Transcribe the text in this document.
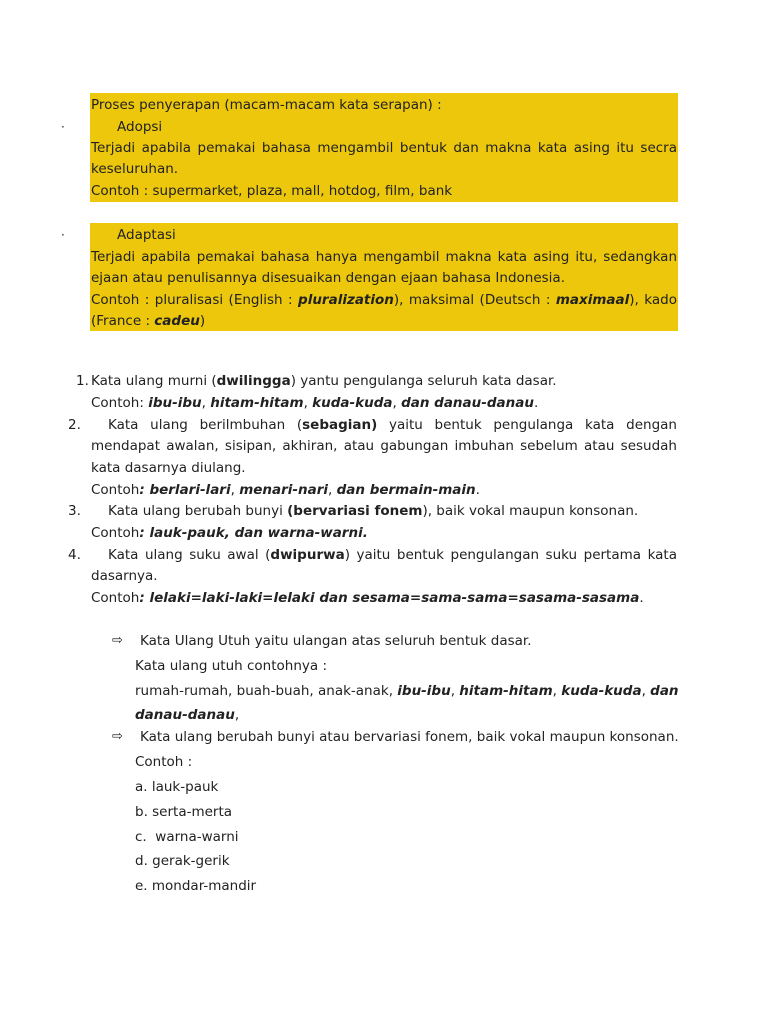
Proses penyerapan (macam-macam kata serapan) :
·	Adopsi
Terjadi apabila pemakai bahasa mengambil bentuk dan makna kata asing itu secra
keseluruhan.
Contoh : supermarket, plaza, mall, hotdog, film, bank
·	Adaptasi
Terjadi apabila pemakai bahasa hanya mengambil makna kata asing itu, sedangkan
ejaan atau penulisannya disesuaikan dengan ejaan bahasa Indonesia.
Contoh : pluralisasi (English : pluralization), maksimal (Deutsch : maximaal), kado
(France : cadeu)
1. Kata ulang murni (dwilingga) yantu pengulanga seluruh kata dasar.
Contoh: ibu-ibu, hitam-hitam, kuda-kuda, dan danau-danau.
2. Kata ulang berilmbuhan (sebagian) yaitu bentuk pengulanga kata dengan
mendapat awalan, sisipan, akhiran, atau gabungan imbuhan sebelum atau sesudah
kata dasarnya diulang.
Contoh: berlari-lari, menari-nari, dan bermain-main.
3. Kata ulang berubah bunyi (bervariasi fonem), baik vokal maupun konsonan.
Contoh: lauk-pauk, dan warna-warni.
4. Kata ulang suku awal (dwipurwa) yaitu bentuk pengulangan suku pertama kata
dasarnya.
Contoh: lelaki=laki-laki=lelaki dan sesama=sama-sama=sasama-sasama.
⇨ Kata Ulang Utuh yaitu ulangan atas seluruh bentuk dasar.
Kata ulang utuh contohnya :
rumah-rumah, buah-buah, anak-anak, ibu-ibu, hitam-hitam, kuda-kuda, dan
danau-danau,
⇨ Kata ulang berubah bunyi atau bervariasi fonem, baik vokal maupun konsonan.
Contoh :
a. lauk-pauk
b. serta-merta
c.  warna-warni
d. gerak-gerik
e. mondar-mandir
